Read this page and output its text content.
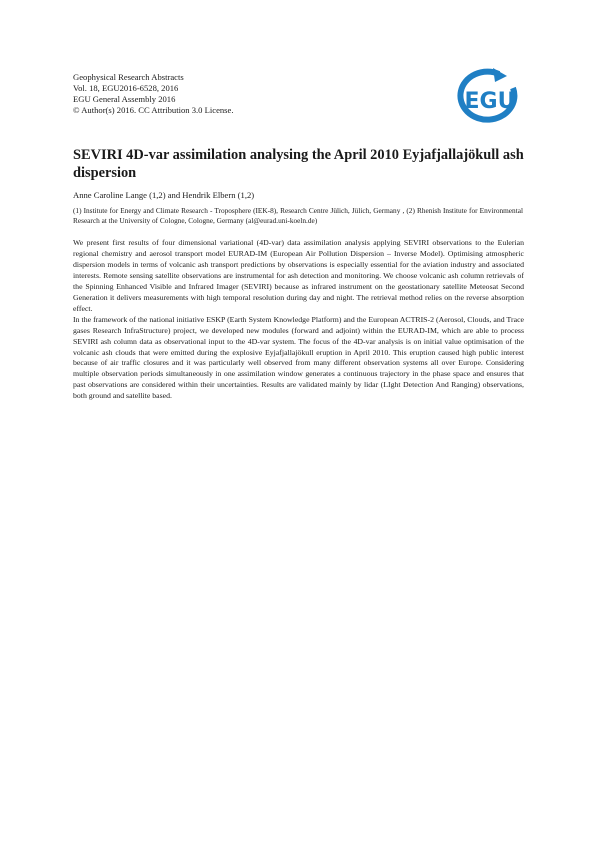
Geophysical Research Abstracts
Vol. 18, EGU2016-6528, 2016
EGU General Assembly 2016
© Author(s) 2016. CC Attribution 3.0 License.	EGU
SEVIRI 4D-var assimilation analysing the April 2010 Eyjafjallajökull ash dispersion
Anne Caroline Lange (1,2) and Hendrik Elbern (1,2)
(1) Institute for Energy and Climate Research - Troposphere (IEK-8), Research Centre Jülich, Jülich, Germany , (2) Rhenish Institute for Environmental Research at the University of Cologne, Cologne, Germany (al@eurad.uni-koeln.de)

We present first results of four dimensional variational (4D-var) data assimilation analysis applying SEVIRI observations to the Eulerian regional chemistry and aerosol transport model EURAD-IM (European Air Pollution Dispersion – Inverse Model). Optimising atmospheric dispersion models in terms of volcanic ash transport predictions by observations is especially essential for the aviation industry and associated interests. Remote sensing satellite observations are instrumental for ash detection and monitoring. We choose volcanic ash column retrievals of the Spinning Enhanced Visible and Infrared Imager (SEVIRI) because as infrared instrument on the geostationary satellite Meteosat Second Generation it delivers measurements with high temporal resolution during day and night. The retrieval method relies on the reverse absorption effect.

In the framework of the national initiative ESKP (Earth System Knowledge Platform) and the European ACTRIS-2 (Aerosol, Clouds, and Trace gases Research InfraStructure) project, we developed new modules (forward and adjoint) within the EURAD-IM, which are able to process SEVIRI ash column data as observational input to the 4D-var system. The focus of the 4D-var analysis is on initial value optimisation of the volcanic ash clouds that were emitted during the explosive Eyjafjallajökull eruption in April 2010. This eruption caused high public interest because of air traffic closures and it was particularly well observed from many different observation systems all over Europe. Considering multiple observation periods simultaneously in one assimilation window generates a continuous trajectory in the phase space and ensures that past observations are considered within their uncertainties. Results are validated mainly by lidar (LIght Detection And Ranging) observations, both ground and satellite based.
